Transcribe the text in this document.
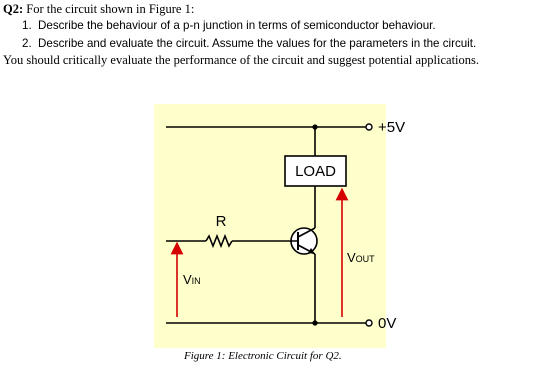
Q2: For the circuit shown in Figure 1:
1. Describe the behaviour of a p-n junction in terms of semiconductor behaviour.
2. Describe and evaluate the circuit. Assume the values for the parameters in the circuit.
You should critically evaluate the performance of the circuit and suggest potential applications.
+5V
0V
LOAD
R
VIN
VOUT
Figure 1: Electronic Circuit for Q2.
